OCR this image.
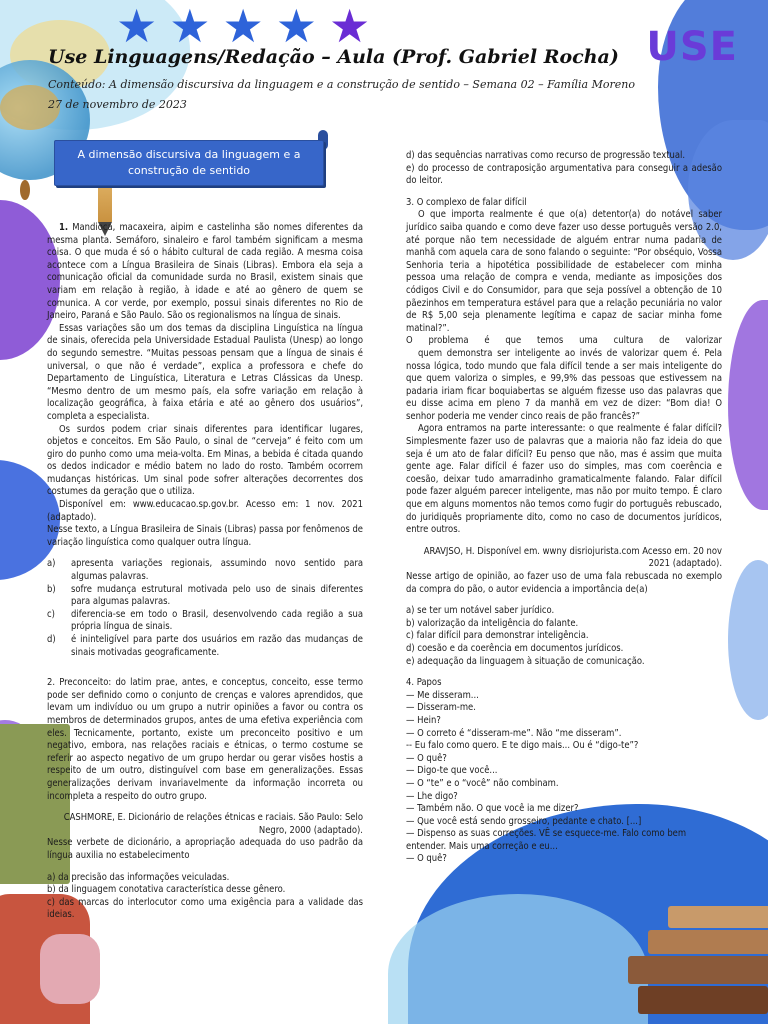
★ ★ ★ ★ ★	USE
Use Linguagens/Redação – Aula (Prof. Gabriel Rocha)
Conteúdo: A dimensão discursiva da linguagem e a construção de sentido – Semana 02 – Família Moreno
27 de novembro de 2023
A dimensão discursiva da linguagem e a construção de sentido

1. Mandioca, macaxeira, aipim e castelinha são nomes diferentes da mesma planta. Semáforo, sinaleiro e farol também significam a mesma coisa. O que muda é só o hábito cultural de cada região. A mesma coisa acontece com a Língua Brasileira de Sinais (Libras). Embora ela seja a comunicação oficial da comunidade surda no Brasil, existem sinais que variam em relação à região, à idade e até ao gênero de quem se comunica. A cor verde, por exemplo, possui sinais diferentes no Rio de Janeiro, Paraná e São Paulo. São os regionalismos na língua de sinais.

Essas variações são um dos temas da disciplina Linguística na língua de sinais, oferecida pela Universidade Estadual Paulista (Unesp) ao longo do segundo semestre. “Muitas pessoas pensam que a língua de sinais é universal, o que não é verdade”, explica a professora e chefe do Departamento de Linguística, Literatura e Letras Clássicas da Unesp. “Mesmo dentro de um mesmo país, ela sofre variação em relação à localização geográfica, à faixa etária e até ao gênero dos usuários”, completa a especialista.

Os surdos podem criar sinais diferentes para identificar lugares, objetos e conceitos. Em São Paulo, o sinal de “cerveja” é feito com um giro do punho como uma meia-volta. Em Minas, a bebida é citada quando os dedos indicador e médio batem no lado do rosto. Também ocorrem mudanças históricas. Um sinal pode sofrer alterações decorrentes dos costumes da geração que o utiliza.

Disponível em: www.educacao.sp.gov.br. Acesso em: 1 nov. 2021 (adaptado).

Nesse texto, a Língua Brasileira de Sinais (Libras) passa por fenômenos de variação linguística como qualquer outra língua.

a)	apresenta variações regionais, assumindo novo sentido para algumas palavras.
b)	sofre mudança estrutural motivada pelo uso de sinais diferentes para algumas palavras.
c)	diferencia-se em todo o Brasil, desenvolvendo cada região a sua própria língua de sinais.
d)	é ininteligível para parte dos usuários em razão das mudanças de sinais motivadas geograficamente.

2. Preconceito: do latim prae, antes, e conceptus, conceito, esse termo pode ser definido como o conjunto de crenças e valores aprendidos, que levam um indivíduo ou um grupo a nutrir opiniões a favor ou contra os membros de determinados grupos, antes de uma efetiva experiência com eles. Tecnicamente, portanto, existe um preconceito positivo e um negativo, embora, nas relações raciais e étnicas, o termo costume se referir ao aspecto negativo de um grupo herdar ou gerar visões hostis a respeito de um outro, distinguível com base em generalizações. Essas generalizações derivam invariavelmente da informação incorreta ou incompleta a respeito do outro grupo.

CASHMORE, E. Dicionário de relações étnicas e raciais. São Paulo: Selo Negro, 2000 (adaptado).

Nesse verbete de dicionário, a apropriação adequada do uso padrão da língua auxilia no estabelecimento

a) da precisão das informações veiculadas.

b) da linguagem conotativa característica desse gênero.

c) das marcas do interlocutor como uma exigência para a validade das ideias.

d) das sequências narrativas como recurso de progressão textual.

e) do processo de contraposição argumentativa para conseguir a adesão do leitor.

3. O complexo de falar difícil

O que importa realmente é que o(a) detentor(a) do notável saber jurídico saiba quando e como deve fazer uso desse português versão 2.0, até porque não tem necessidade de alguém entrar numa padaria de manhã com aquela cara de sono falando o seguinte: “Por obséquio, Vossa Senhoria teria a hipotética possibilidade de estabelecer com minha pessoa uma relação de compra e venda, mediante as imposições dos códigos Civil e do Consumidor, para que seja possível a obtenção de 10 pãezinhos em temperatura estável para que a relação pecuniária no valor de R$ 5,00 seja plenamente legítima e capaz de saciar minha fome matinal?”.

O problema é que temos uma cultura de valorizar

quem demonstra ser inteligente ao invés de valorizar quem é. Pela nossa lógica, todo mundo que fala difícil tende a ser mais inteligente do que quem valoriza o simples, e 99,9% das pessoas que estivessem na padaria iriam ficar boquiabertas se alguém fizesse uso das palavras que eu disse acima em pleno 7 da manhã em vez de dizer: “Bom dia! O senhor poderia me vender cinco reais de pão francês?”

Agora entramos na parte interessante: o que realmente é falar difícil? Simplesmente fazer uso de palavras que a maioria não faz ideia do que seja é um ato de falar difícil? Eu penso que não, mas é assim que muita gente age. Falar difícil é fazer uso do simples, mas com coerência e coesão, deixar tudo amarradinho gramaticalmente falando. Falar difícil pode fazer alguém parecer inteligente, mas não por muito tempo. É claro que em alguns momentos não temos como fugir do português rebuscado, do juridiquês propriamente dito, como no caso de documentos jurídicos, entre outros.

ARAVJSO, H. Disponível em. wwny disriojurista.com Acesso em. 20 nov 2021 (adaptado).

Nesse artigo de opinião, ao fazer uso de uma fala rebuscada no exemplo da compra do pão, o autor evidencia a importância de(a)

a) se ter um notável saber jurídico.

b) valorização da inteligência do falante.

c) falar difícil para demonstrar inteligência.

d) coesão e da coerência em documentos jurídicos.

e) adequação da linguagem à situação de comunicação.

4. Papos

— Me disseram...

— Disseram-me.

— Hein?

— O correto é “disseram-me”. Não “me disseram”.

-- Eu falo como quero. E te digo mais... Ou é “digo-te”?

— O quê?

— Digo-te que você...

— O “te” e o “você” não combinam.

— Lhe digo?

— Também não. O que você ia me dizer?

— Que você está sendo grosseiro, pedante e chato. [...]

— Dispenso as suas correções. VÊ se esquece-me. Falo como bem entender. Mais uma correção e eu...

— O quê?
